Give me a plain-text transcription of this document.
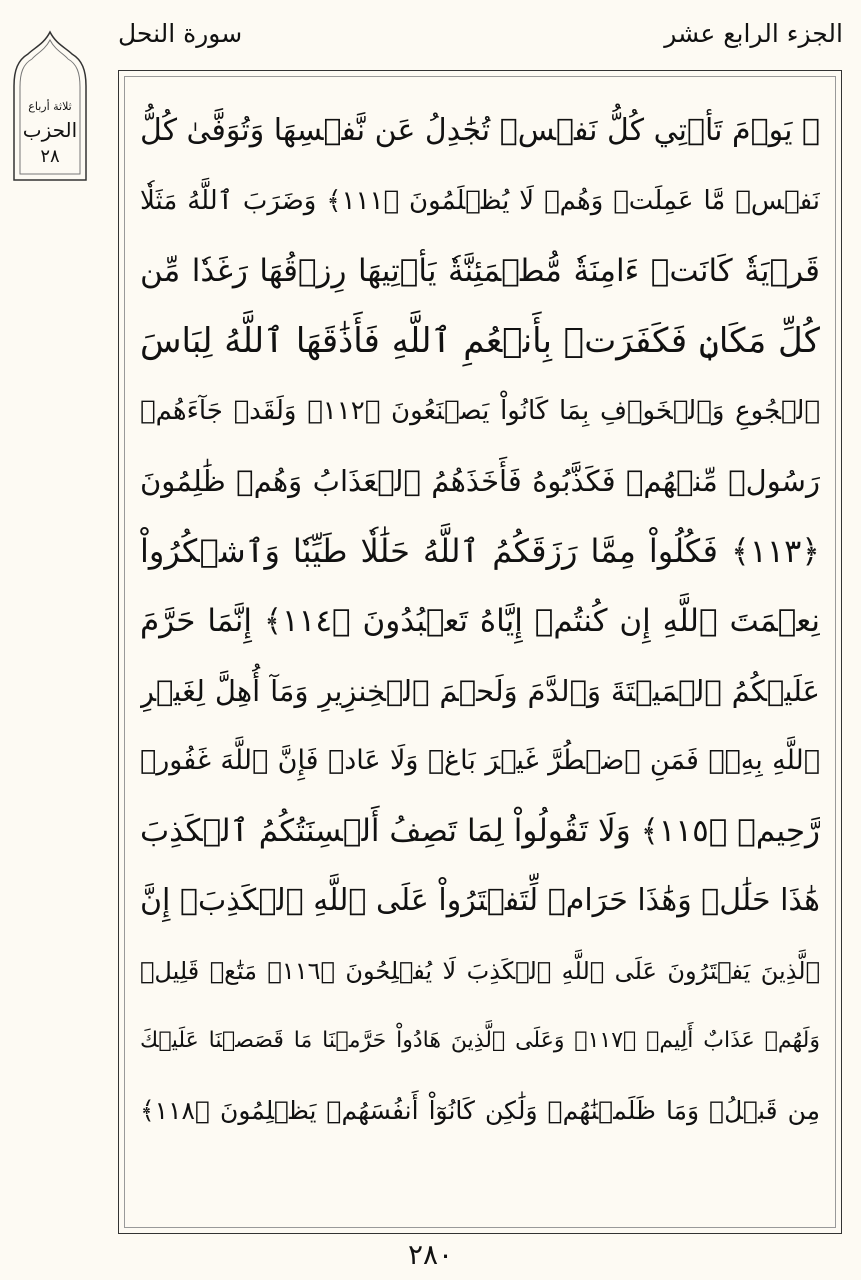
سورة النحل	الجزء الرابع عشر
ثلاثة أرباع
الحزب
٢٨
۞ يَوۡمَ تَأۡتِي كُلُّ نَفۡسٖ تُجَٰدِلُ عَن نَّفۡسِهَا وَتُوَفَّىٰ كُلُّ
نَفۡسٖ مَّا عَمِلَتۡ وَهُمۡ لَا يُظۡلَمُونَ ﴿١١١﴾ وَضَرَبَ ٱللَّهُ مَثَلٗا
قَرۡيَةٗ كَانَتۡ ءَامِنَةٗ مُّطۡمَئِنَّةٗ يَأۡتِيهَا رِزۡقُهَا رَغَدٗا مِّن
كُلِّ مَكَانٖ فَكَفَرَتۡ بِأَنۡعُمِ ٱللَّهِ فَأَذَٰقَهَا ٱللَّهُ لِبَاسَ
ٱلۡجُوعِ وَٱلۡخَوۡفِ بِمَا كَانُواْ يَصۡنَعُونَ ﴿١١٢﴾ وَلَقَدۡ جَآءَهُمۡ
رَسُولٞ مِّنۡهُمۡ فَكَذَّبُوهُ فَأَخَذَهُمُ ٱلۡعَذَابُ وَهُمۡ ظَٰلِمُونَ
﴿١١٣﴾ فَكُلُواْ مِمَّا رَزَقَكُمُ ٱللَّهُ حَلَٰلٗا طَيِّبٗا وَٱشۡكُرُواْ
نِعۡمَتَ ٱللَّهِ إِن كُنتُمۡ إِيَّاهُ تَعۡبُدُونَ ﴿١١٤﴾ إِنَّمَا حَرَّمَ
عَلَيۡكُمُ ٱلۡمَيۡتَةَ وَٱلدَّمَ وَلَحۡمَ ٱلۡخِنزِيرِ وَمَآ أُهِلَّ لِغَيۡرِ
ٱللَّهِ بِهِۦۖ فَمَنِ ٱضۡطُرَّ غَيۡرَ بَاغٖ وَلَا عَادٖ فَإِنَّ ٱللَّهَ غَفُورٞ
رَّحِيمٞ ﴿١١٥﴾ وَلَا تَقُولُواْ لِمَا تَصِفُ أَلۡسِنَتُكُمُ ٱلۡكَذِبَ
هَٰذَا حَلَٰلٞ وَهَٰذَا حَرَامٞ لِّتَفۡتَرُواْ عَلَى ٱللَّهِ ٱلۡكَذِبَۚ إِنَّ
ٱلَّذِينَ يَفۡتَرُونَ عَلَى ٱللَّهِ ٱلۡكَذِبَ لَا يُفۡلِحُونَ ﴿١١٦﴾ مَتَٰعٞ قَلِيلٞ
وَلَهُمۡ عَذَابٌ أَلِيمٞ ﴿١١٧﴾ وَعَلَى ٱلَّذِينَ هَادُواْ حَرَّمۡنَا مَا قَصَصۡنَا عَلَيۡكَ
مِن قَبۡلُۖ وَمَا ظَلَمۡنَٰهُمۡ وَلَٰكِن كَانُوٓاْ أَنفُسَهُمۡ يَظۡلِمُونَ ﴿١١٨﴾
٢٨٠
